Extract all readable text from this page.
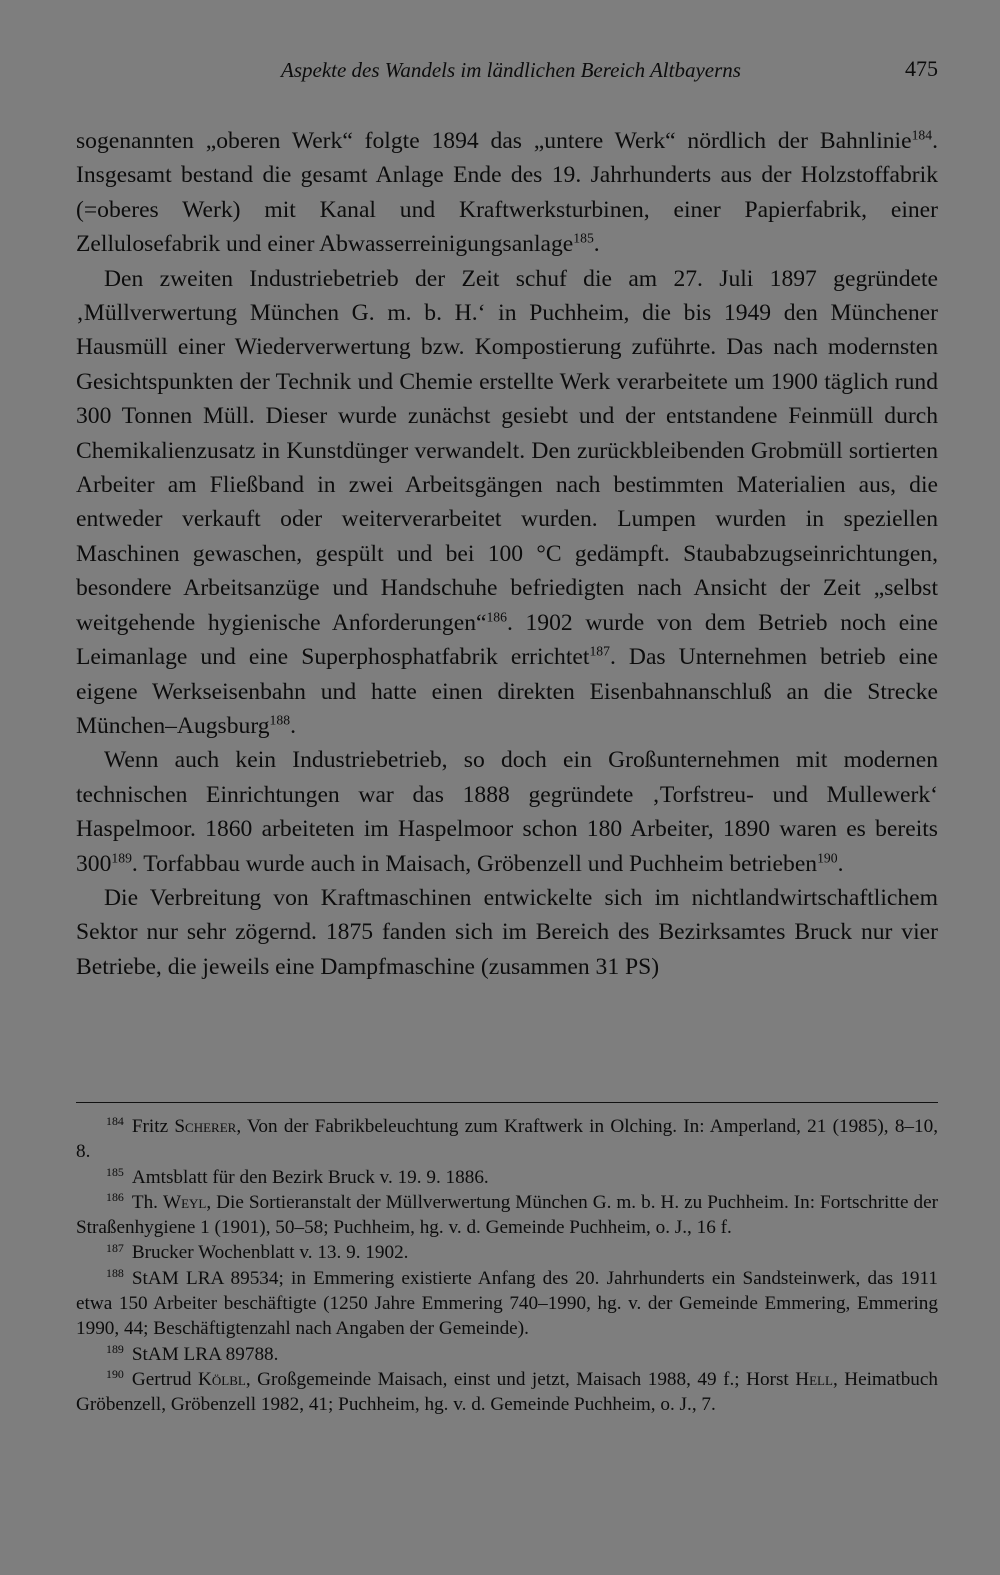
Aspekte des Wandels im ländlichen Bereich Altbayerns	475

sogenannten „oberen Werk“ folgte 1894 das „untere Werk“ nördlich der Bahnlinie$^{184}$. Insgesamt bestand die gesamt Anlage Ende des 19. Jahrhunderts aus der Holzstoffabrik (=oberes Werk) mit Kanal und Kraftwerksturbinen, einer Papierfabrik, einer Zellulosefabrik und einer Abwasserreinigungsanlage$^{185}$.

Den zweiten Industriebetrieb der Zeit schuf die am 27. Juli 1897 gegründete ‚Müllverwertung München G. m. b. H.‘ in Puchheim, die bis 1949 den Münchener Hausmüll einer Wiederverwertung bzw. Kompostierung zuführte. Das nach modernsten Gesichtspunkten der Technik und Chemie erstellte Werk verarbeitete um 1900 täglich rund 300 Tonnen Müll. Dieser wurde zunächst gesiebt und der entstandene Feinmüll durch Chemikalienzusatz in Kunstdünger verwandelt. Den zurückbleibenden Grobmüll sortierten Arbeiter am Fließband in zwei Arbeitsgängen nach bestimmten Materialien aus, die entweder verkauft oder weiterverarbeitet wurden. Lumpen wurden in speziellen Maschinen gewaschen, gespült und bei 100 °C gedämpft. Staubabzugseinrichtungen, besondere Arbeitsanzüge und Handschuhe befriedigten nach Ansicht der Zeit „selbst weitgehende hygienische Anforderungen“$^{186}$. 1902 wurde von dem Betrieb noch eine Leimanlage und eine Superphosphatfabrik errichtet$^{187}$. Das Unternehmen betrieb eine eigene Werkseisenbahn und hatte einen direkten Eisenbahnanschluß an die Strecke München–Augsburg$^{188}$.

Wenn auch kein Industriebetrieb, so doch ein Großunternehmen mit modernen technischen Einrichtungen war das 1888 gegründete ‚Torfstreu- und Mullewerk‘ Haspelmoor. 1860 arbeiteten im Haspelmoor schon 180 Arbeiter, 1890 waren es bereits $300^{189}$. Torfabbau wurde auch in Maisach, Gröbenzell und Puchheim betrieben$^{190}$.

Die Verbreitung von Kraftmaschinen entwickelte sich im nichtlandwirtschaftlichem Sektor nur sehr zögernd. 1875 fanden sich im Bereich des Bezirksamtes Bruck nur vier Betriebe, die jeweils eine Dampfmaschine (zusammen 31 PS)

$^{184}$ Fritz Scherer, Von der Fabrikbeleuchtung zum Kraftwerk in Olching. In: Amperland, 21 (1985), 8–10, 8.

$^{185}$ Amtsblatt für den Bezirk Bruck v. 19. 9. 1886.

$^{186}$ Th. Weyl, Die Sortieranstalt der Müllverwertung München G. m. b. H. zu Puchheim. In: Fortschritte der Straßenhygiene 1 (1901), 50–58; Puchheim, hg. v. d. Gemeinde Puchheim, o. J., 16 f.

$^{187}$ Brucker Wochenblatt v. 13. 9. 1902.

$^{188}$ StAM LRA 89534; in Emmering existierte Anfang des 20. Jahrhunderts ein Sandsteinwerk, das 1911 etwa 150 Arbeiter beschäftigte (1250 Jahre Emmering 740–1990, hg. v. der Gemeinde Emmering, Emmering 1990, 44; Beschäftigtenzahl nach Angaben der Gemeinde).

$^{189}$ StAM LRA 89788.

$^{190}$ Gertrud Kölbl, Großgemeinde Maisach, einst und jetzt, Maisach 1988, 49 f.; Horst Hell, Heimatbuch Gröbenzell, Gröbenzell 1982, 41; Puchheim, hg. v. d. Gemeinde Puchheim, o. J., 7.
